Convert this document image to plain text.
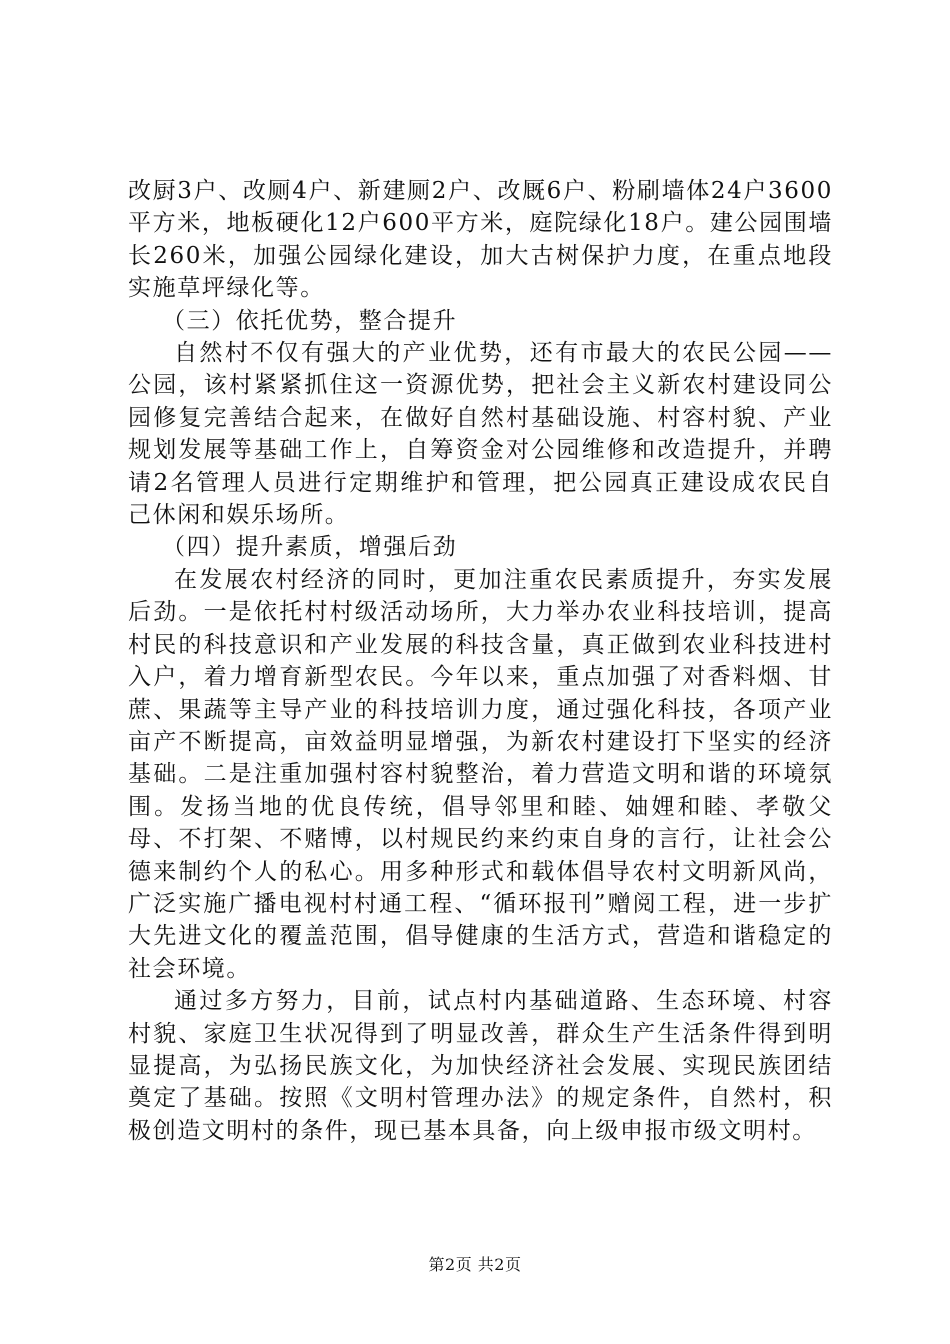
改厨3户、改厕4户、新建厕2户、改厩6户、粉刷墙体24户3600平方米，地板硬化12户600平方米，庭院绿化18户。建公园围墙长260米，加强公园绿化建设，加大古树保护力度，在重点地段实施草坪绿化等。

（三）依托优势，整合提升

自然村不仅有强大的产业优势，还有市最大的农民公园——公园，该村紧紧抓住这一资源优势，把社会主义新农村建设同公园修复完善结合起来，在做好自然村基础设施、村容村貌、产业规划发展等基础工作上，自筹资金对公园维修和改造提升，并聘请2名管理人员进行定期维护和管理，把公园真正建设成农民自己休闲和娱乐场所。

（四）提升素质，增强后劲

在发展农村经济的同时，更加注重农民素质提升，夯实发展后劲。一是依托村村级活动场所，大力举办农业科技培训，提高村民的科技意识和产业发展的科技含量，真正做到农业科技进村入户，着力增育新型农民。今年以来，重点加强了对香料烟、甘蔗、果蔬等主导产业的科技培训力度，通过强化科技，各项产业亩产不断提高，亩效益明显增强，为新农村建设打下坚实的经济基础。二是注重加强村容村貌整治，着力营造文明和谐的环境氛围。发扬当地的优良传统，倡导邻里和睦、妯娌和睦、孝敬父母、不打架、不赌博，以村规民约来约束自身的言行，让社会公德来制约个人的私心。用多种形式和载体倡导农村文明新风尚，广泛实施广播电视村村通工程、“循环报刊”赠阅工程，进一步扩大先进文化的覆盖范围，倡导健康的生活方式，营造和谐稳定的社会环境。

通过多方努力，目前，试点村内基础道路、生态环境、村容村貌、家庭卫生状况得到了明显改善，群众生产生活条件得到明显提高，为弘扬民族文化，为加快经济社会发展、实现民族团结奠定了基础。按照《文明村管理办法》的规定条件，自然村，积极创造文明村的条件，现已基本具备，向上级申报市级文明村。

第2页 共2页
